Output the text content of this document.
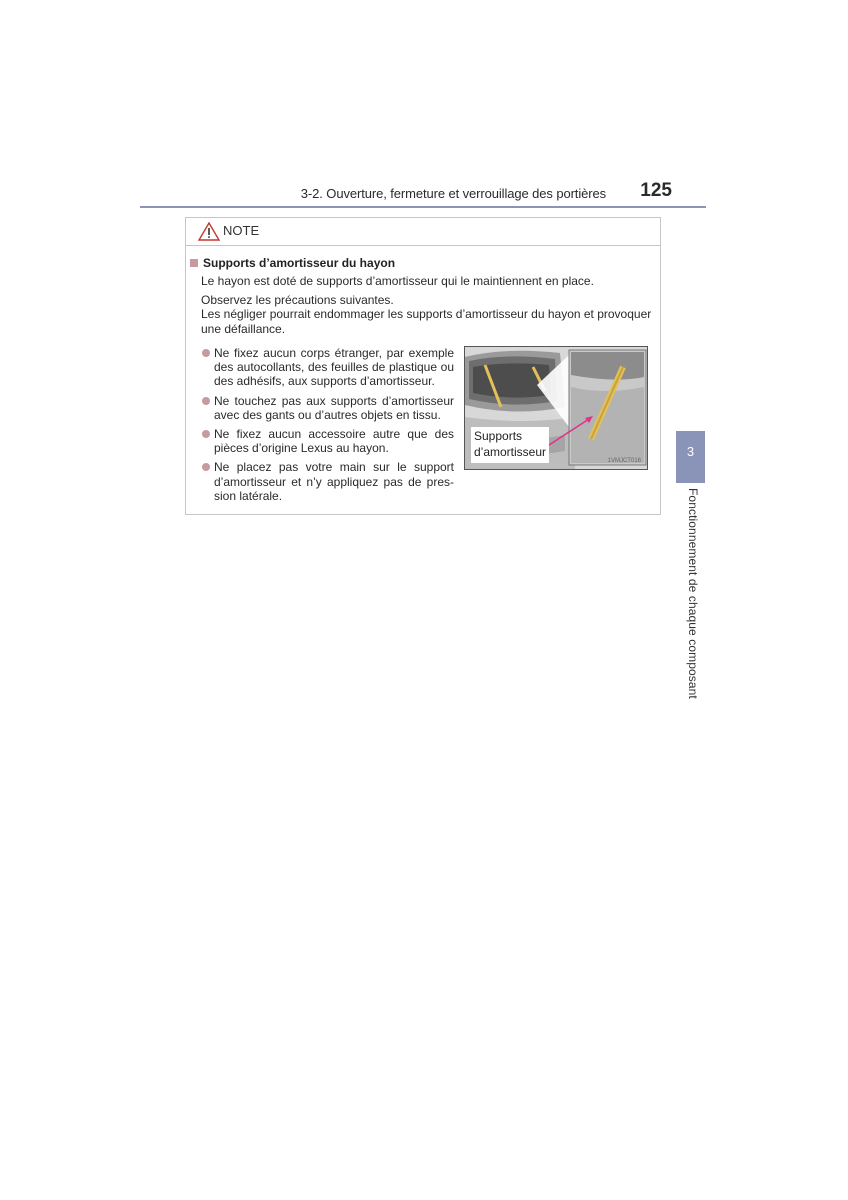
3-2. Ouverture, fermeture et verrouillage des portières	125
NOTE
Supports d’amortisseur du hayon
Le hayon est doté de supports d’amortisseur qui le maintiennent en place.
Observez les précautions suivantes.
Les négliger pourrait endommager les supports d’amortisseur du hayon et provoquer une défaillance.
Ne fixez aucun corps étranger, par exemple des autocollants, des feuilles de plastique ou des adhésifs, aux supports d’amortisseur.
Ne touchez pas aux supports d’amortisseur avec des gants ou d’autres objets en tissu.
Ne fixez aucun accessoire autre que des pièces d’origine Lexus au hayon.
Ne placez pas votre main sur le support d’amortisseur et n’y appliquez pas de pression latérale.
Supports
d’amortisseur
1VMJCT016
3
Fonctionnement de chaque composant
